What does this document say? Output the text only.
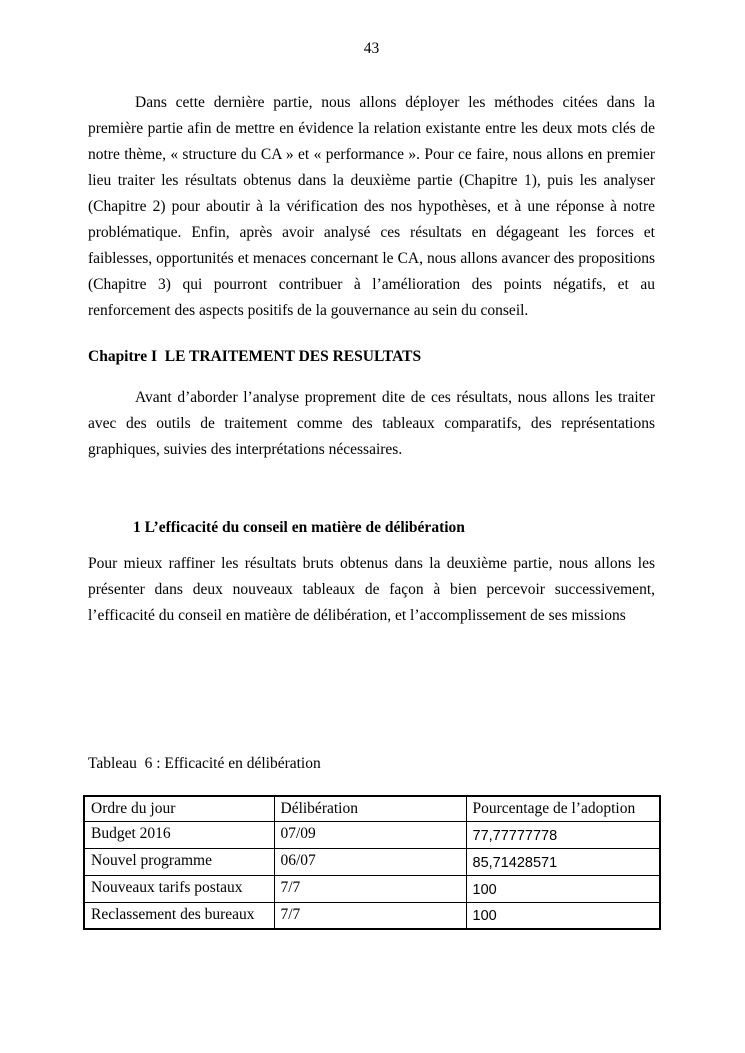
43

Dans cette dernière partie, nous allons déployer les méthodes citées dans la première partie afin de mettre en évidence la relation existante entre les deux mots clés de notre thème, « structure du CA » et « performance ». Pour ce faire, nous allons en premier lieu traiter les résultats obtenus dans la deuxième partie (Chapitre 1), puis les analyser (Chapitre 2) pour aboutir à la vérification des nos hypothèses, et à une réponse à notre problématique. Enfin, après avoir analysé ces résultats en dégageant les forces et faiblesses, opportunités et menaces concernant le CA, nous allons avancer des propositions (Chapitre 3) qui pourront contribuer à l’amélioration des points négatifs, et au renforcement des aspects positifs de la gouvernance au sein du conseil.

Chapitre I  LE TRAITEMENT DES RESULTATS

Avant d’aborder l’analyse proprement dite de ces résultats, nous allons les traiter avec des outils de traitement comme des tableaux comparatifs, des représentations graphiques, suivies des interprétations nécessaires.

1 L’efficacité du conseil en matière de délibération

Pour mieux raffiner les résultats bruts obtenus dans la deuxième partie, nous allons les présenter dans deux nouveaux tableaux de façon à bien percevoir successivement, l’efficacité du conseil en matière de délibération, et l’accomplissement de ses missions

Tableau  6 : Efficacité en délibération
Ordre du jour	Délibération	Pourcentage de l’adoption
Budget 2016	07/09	77,77777778
Nouvel programme	06/07	85,71428571
Nouveaux tarifs postaux	7/7	100
Reclassement des bureaux	7/7	100
